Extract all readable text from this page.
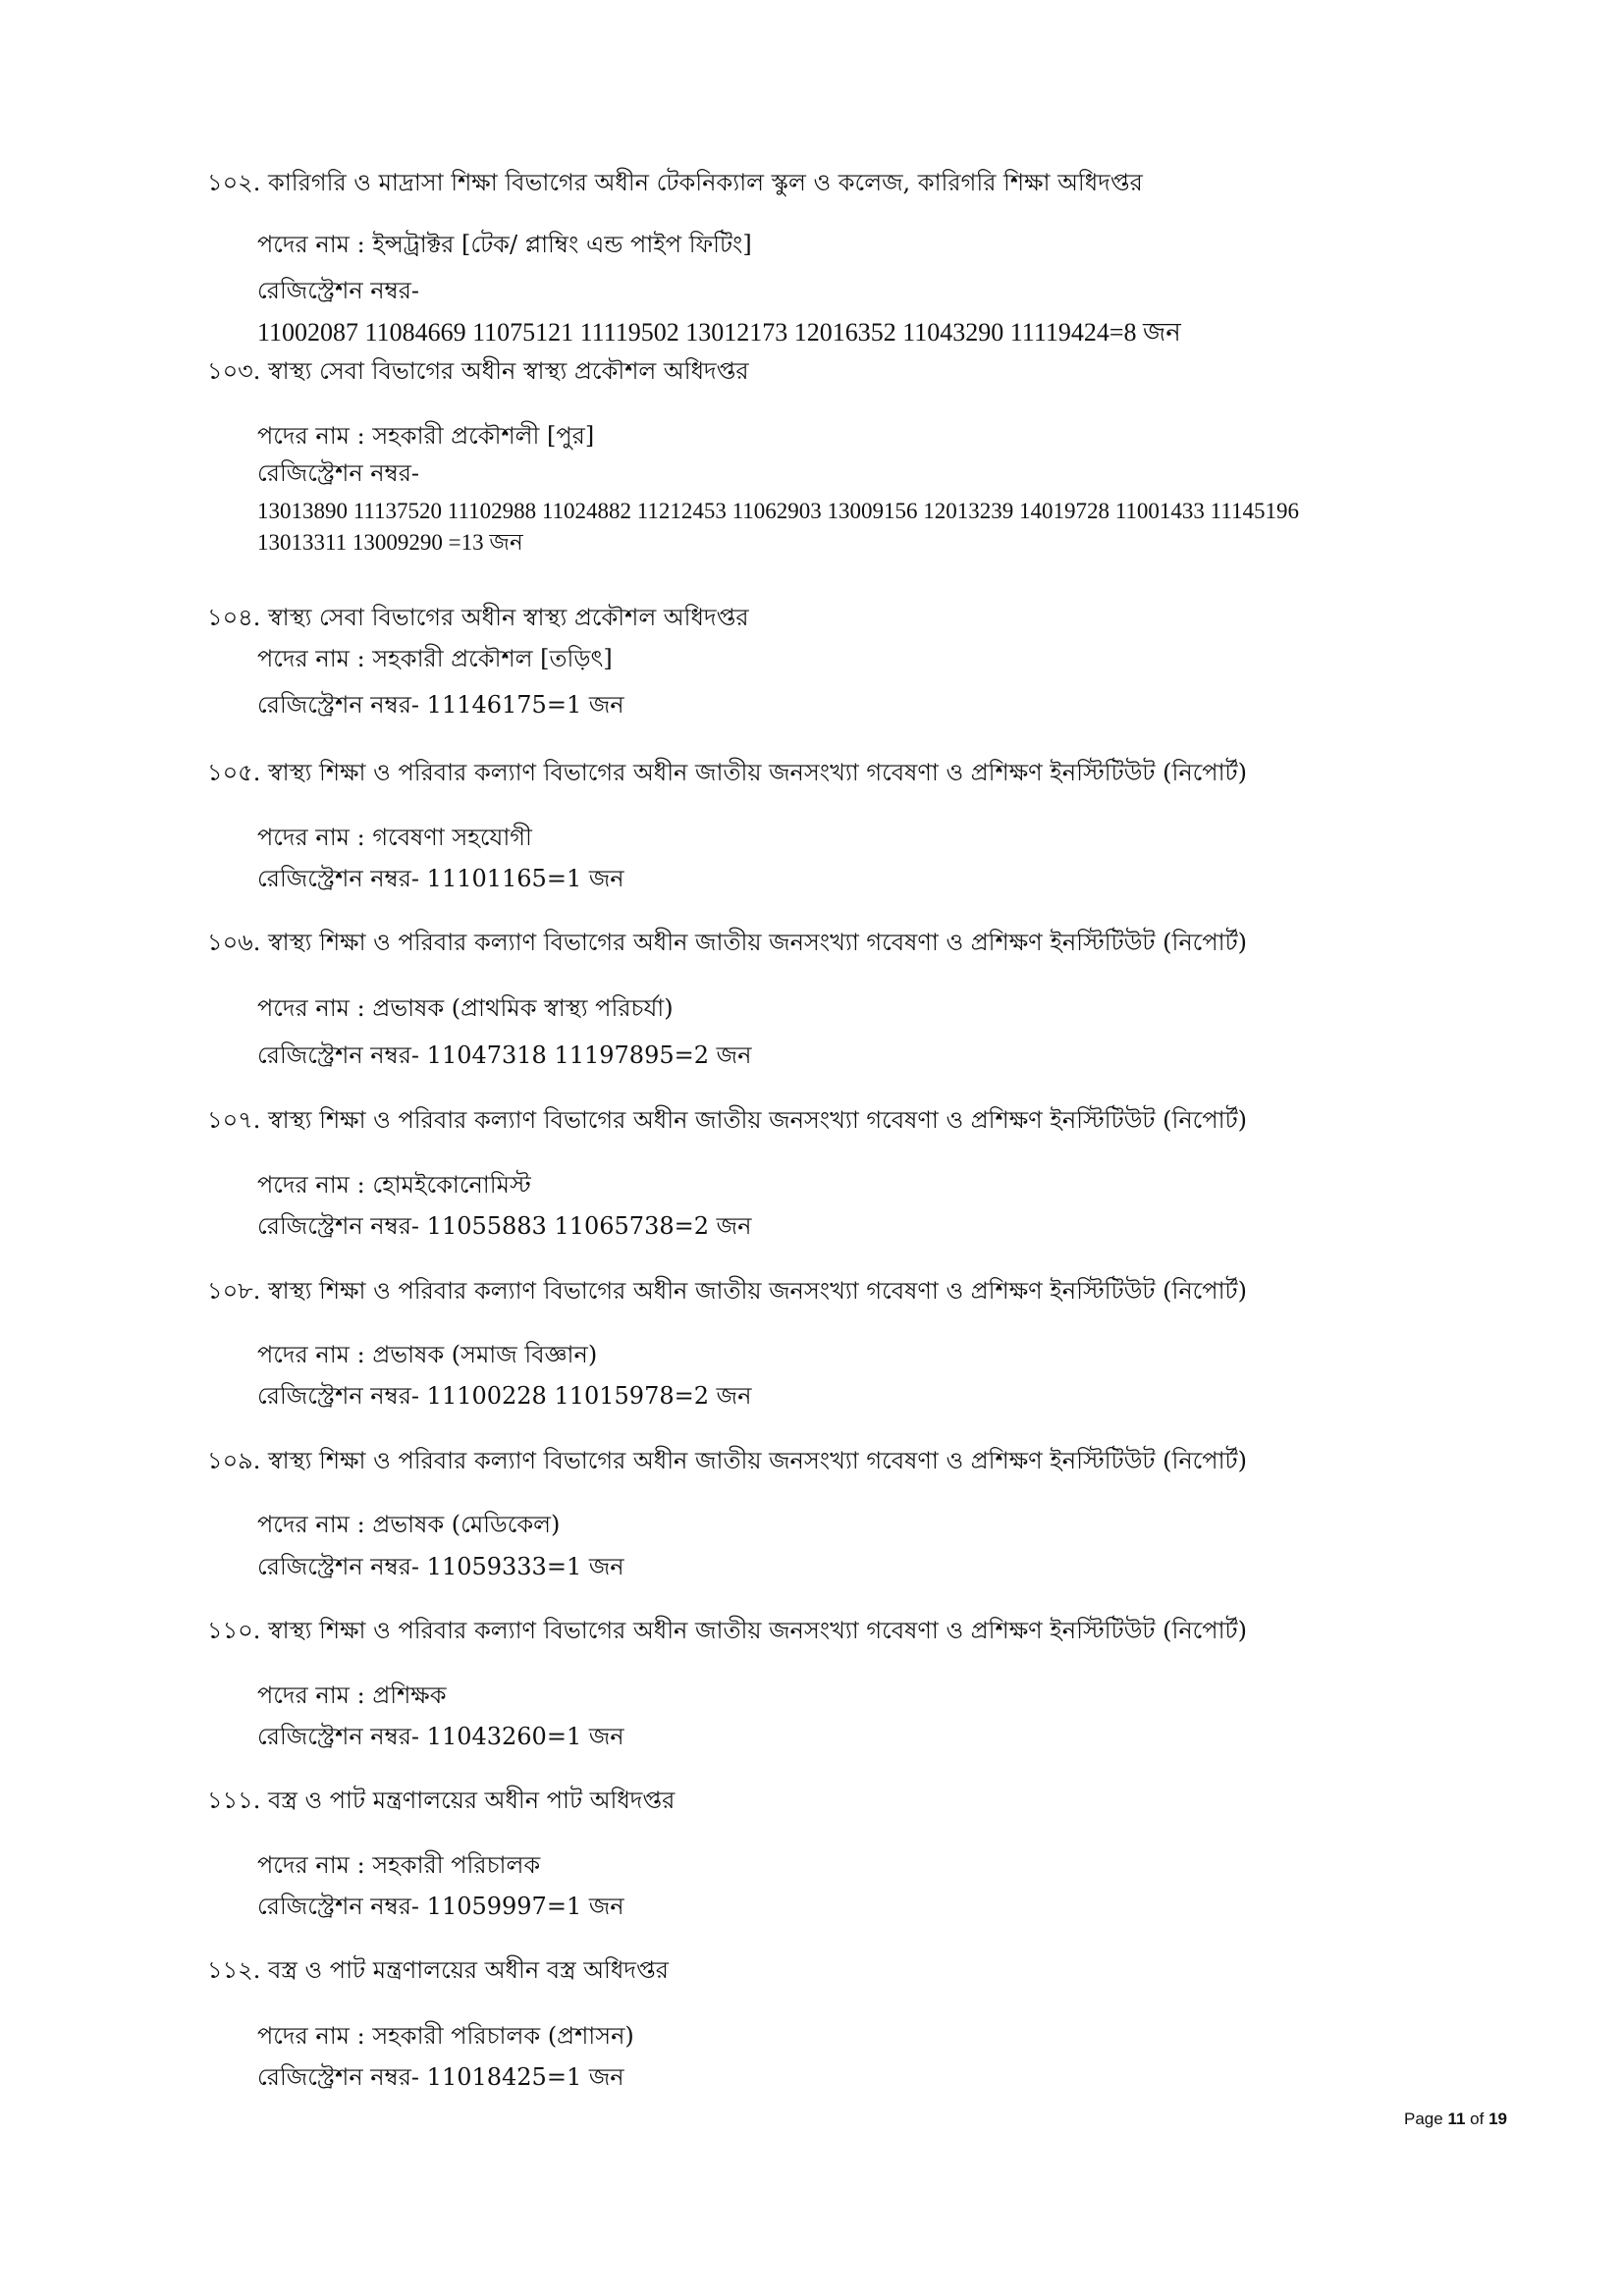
১০২. কারিগরি ও মাদ্রাসা শিক্ষা বিভাগের অধীন টেকনিক্যাল স্কুল ও কলেজ, কারিগরি শিক্ষা অধিদপ্তর
পদের নাম : ইন্সট্রাক্টর [টেক/ প্লাম্বিং এন্ড পাইপ ফিটিং]
রেজিস্ট্রেশন নম্বর-
11002087 11084669 11075121 11119502 13012173 12016352 11043290 11119424=8 জন
১০৩. স্বাস্থ্য সেবা বিভাগের অধীন স্বাস্থ্য প্রকৌশল অধিদপ্তর
পদের নাম : সহকারী প্রকৌশলী [পুর]
রেজিস্ট্রেশন নম্বর-
13013890 11137520 11102988 11024882 11212453 11062903 13009156 12013239 14019728 11001433 11145196
13013311 13009290 =13 জন
১০৪. স্বাস্থ্য সেবা বিভাগের অধীন স্বাস্থ্য প্রকৌশল অধিদপ্তর
পদের নাম : সহকারী প্রকৌশল [তড়িৎ]
রেজিস্ট্রেশন নম্বর- 11146175=1 জন
১০৫. স্বাস্থ্য শিক্ষা ও পরিবার কল্যাণ বিভাগের অধীন জাতীয় জনসংখ্যা গবেষণা ও প্রশিক্ষণ ইনস্টিটিউট (নিপোর্ট)
পদের নাম : গবেষণা সহযোগী
রেজিস্ট্রেশন নম্বর- 11101165=1 জন
১০৬. স্বাস্থ্য শিক্ষা ও পরিবার কল্যাণ বিভাগের অধীন জাতীয় জনসংখ্যা গবেষণা ও প্রশিক্ষণ ইনস্টিটিউট (নিপোর্ট)
পদের নাম : প্রভাষক (প্রাথমিক স্বাস্থ্য পরিচর্যা)
রেজিস্ট্রেশন নম্বর- 11047318 11197895=2 জন
১০৭. স্বাস্থ্য শিক্ষা ও পরিবার কল্যাণ বিভাগের অধীন জাতীয় জনসংখ্যা গবেষণা ও প্রশিক্ষণ ইনস্টিটিউট (নিপোর্ট)
পদের নাম : হোমইকোনোমিস্ট
রেজিস্ট্রেশন নম্বর- 11055883 11065738=2 জন
১০৮. স্বাস্থ্য শিক্ষা ও পরিবার কল্যাণ বিভাগের অধীন জাতীয় জনসংখ্যা গবেষণা ও প্রশিক্ষণ ইনস্টিটিউট (নিপোর্ট)
পদের নাম : প্রভাষক (সমাজ বিজ্ঞান)
রেজিস্ট্রেশন নম্বর- 11100228 11015978=2 জন
১০৯. স্বাস্থ্য শিক্ষা ও পরিবার কল্যাণ বিভাগের অধীন জাতীয় জনসংখ্যা গবেষণা ও প্রশিক্ষণ ইনস্টিটিউট (নিপোর্ট)
পদের নাম : প্রভাষক (মেডিকেল)
রেজিস্ট্রেশন নম্বর- 11059333=1 জন
১১০. স্বাস্থ্য শিক্ষা ও পরিবার কল্যাণ বিভাগের অধীন জাতীয় জনসংখ্যা গবেষণা ও প্রশিক্ষণ ইনস্টিটিউট (নিপোর্ট)
পদের নাম : প্রশিক্ষক
রেজিস্ট্রেশন নম্বর- 11043260=1 জন
১১১. বস্ত্র ও পাট মন্ত্রণালয়ের অধীন পাট অধিদপ্তর
পদের নাম : সহকারী পরিচালক
রেজিস্ট্রেশন নম্বর- 11059997=1 জন
১১২. বস্ত্র ও পাট মন্ত্রণালয়ের অধীন বস্ত্র অধিদপ্তর
পদের নাম : সহকারী পরিচালক (প্রশাসন)
রেজিস্ট্রেশন নম্বর- 11018425=1 জন
Page 11 of 19
